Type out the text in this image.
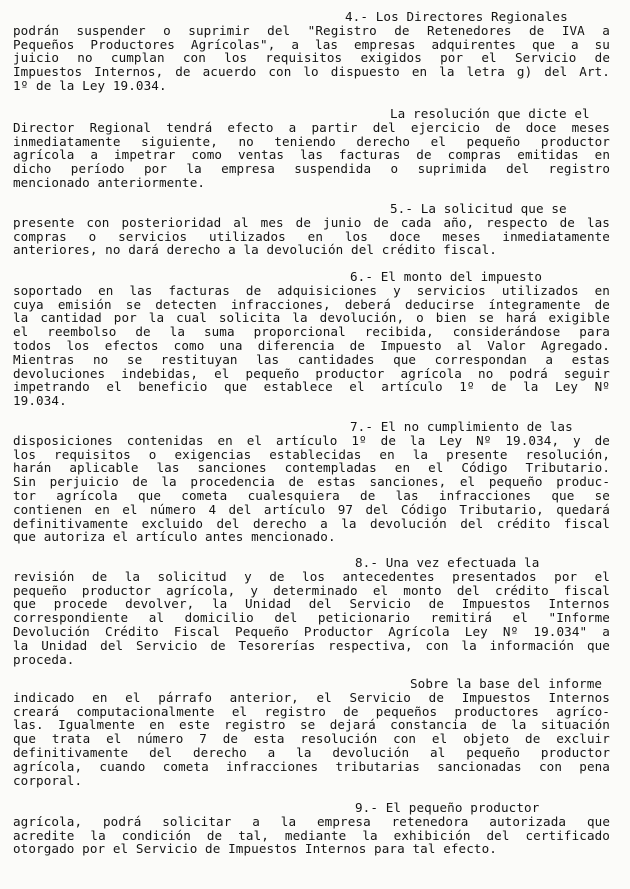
4.- Los Directores Regionales
podrán suspender o suprimir del "Registro de Retenedores de IVA a
Pequeños Productores Agrícolas", a las empresas adquirentes que a su
juicio no cumplan con los requisitos exigidos por el Servicio de
Impuestos Internos, de acuerdo con lo dispuesto en la letra g) del Art.
1º de la Ley 19.034.
La resolución que dicte el
Director Regional tendrá efecto a partir del ejercicio de doce meses
inmediatamente siguiente, no teniendo derecho el pequeño productor
agrícola a impetrar como ventas las facturas de compras emitidas en
dicho período por la empresa suspendida o suprimida del registro
mencionado anteriormente.
5.- La solicitud que se
presente con posterioridad al mes de junio de cada año, respecto de las
compras o servicios utilizados en los doce meses inmediatamente
anteriores, no dará derecho a la devolución del crédito fiscal.
6.- El monto del impuesto
soportado en las facturas de adquisiciones y servicios utilizados en
cuya emisión se detecten infracciones, deberá deducirse íntegramente de
la cantidad por la cual solicita la devolución, o bien se hará exigible
el reembolso de la suma proporcional recibida, considerándose para
todos los efectos como una diferencia de Impuesto al Valor Agregado.
Mientras no se restituyan las cantidades que correspondan a estas
devoluciones indebidas, el pequeño productor agrícola no podrá seguir
impetrando el beneficio que establece el artículo 1º de la Ley Nº
19.034.
7.- El no cumplimiento de las
disposiciones contenidas en el artículo 1º de la Ley Nº 19.034, y de
los requisitos o exigencias establecidas en la presente resolución,
harán aplicable las sanciones contempladas en el Código Tributario.
Sin perjuicio de la procedencia de estas sanciones, el pequeño produc-
tor agrícola que cometa cualesquiera de las infracciones que se
contienen en el número 4 del artículo 97 del Código Tributario, quedará
definitivamente excluido del derecho a la devolución del crédito fiscal
que autoriza el artículo antes mencionado.
8.- Una vez efectuada la
revisión de la solicitud y de los antecedentes presentados por el
pequeño productor agrícola, y determinado el monto del crédito fiscal
que procede devolver, la Unidad del Servicio de Impuestos Internos
correspondiente al domicilio del peticionario remitirá el "Informe
Devolución Crédito Fiscal Pequeño Productor Agrícola Ley Nº 19.034" a
la Unidad del Servicio de Tesorerías respectiva, con la información que
proceda.
Sobre la base del informe
indicado en el párrafo anterior, el Servicio de Impuestos Internos
creará computacionalmente el registro de pequeños productores agríco-
las. Igualmente en este registro se dejará constancia de la situación
que trata el número 7 de esta resolución con el objeto de excluir
definitivamente del derecho a la devolución al pequeño productor
agrícola, cuando cometa infracciones tributarias sancionadas con pena
corporal.
9.- El pequeño productor
agrícola, podrá solicitar a la empresa retenedora autorizada que
acredite la condición de tal, mediante la exhibición del certificado
otorgado por el Servicio de Impuestos Internos para tal efecto.
